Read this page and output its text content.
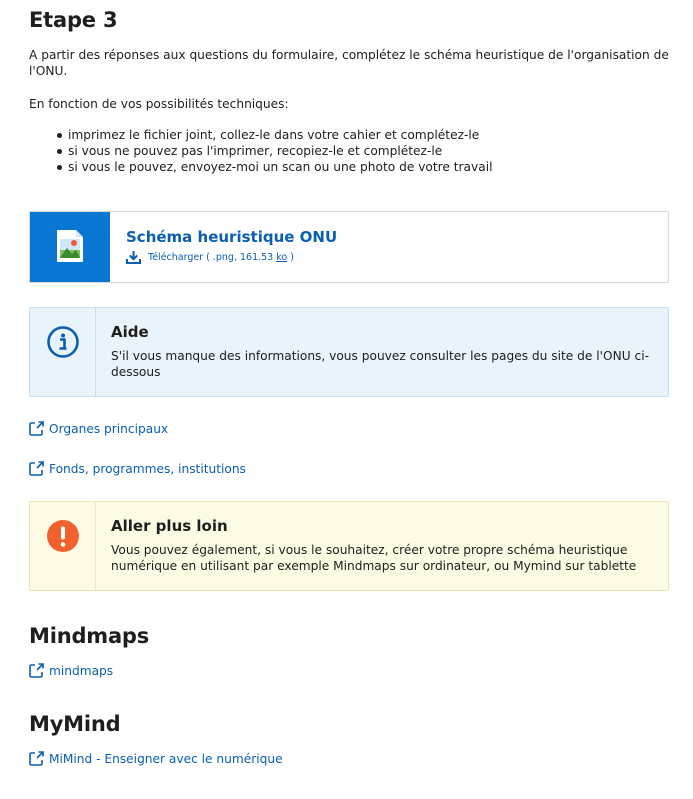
Etape 3

A partir des réponses aux questions du formulaire, complétez le schéma heuristique de l'organisation de l'ONU.

En fonction de vos possibilités techniques:

imprimez le fichier joint, collez-le dans votre cahier et complétez-le
si vous ne pouvez pas l'imprimer, recopiez-le et complétez-le
si vous le pouvez, envoyez-moi un scan ou une photo de votre travail
Schéma heuristique ONU
Télécharger ( .png, 161.53 ko )
Aide
S'il vous manque des informations, vous pouvez consulter les pages du site de l'ONU ci-dessous
Organes principaux
Fonds, programmes, institutions
Aller plus loin
Vous pouvez également, si vous le souhaitez, créer votre propre schéma heuristique numérique en utilisant par exemple Mindmaps sur ordinateur, ou Mymind sur tablette
Mindmaps
mindmaps
MyMind
MiMind - Enseigner avec le numérique
